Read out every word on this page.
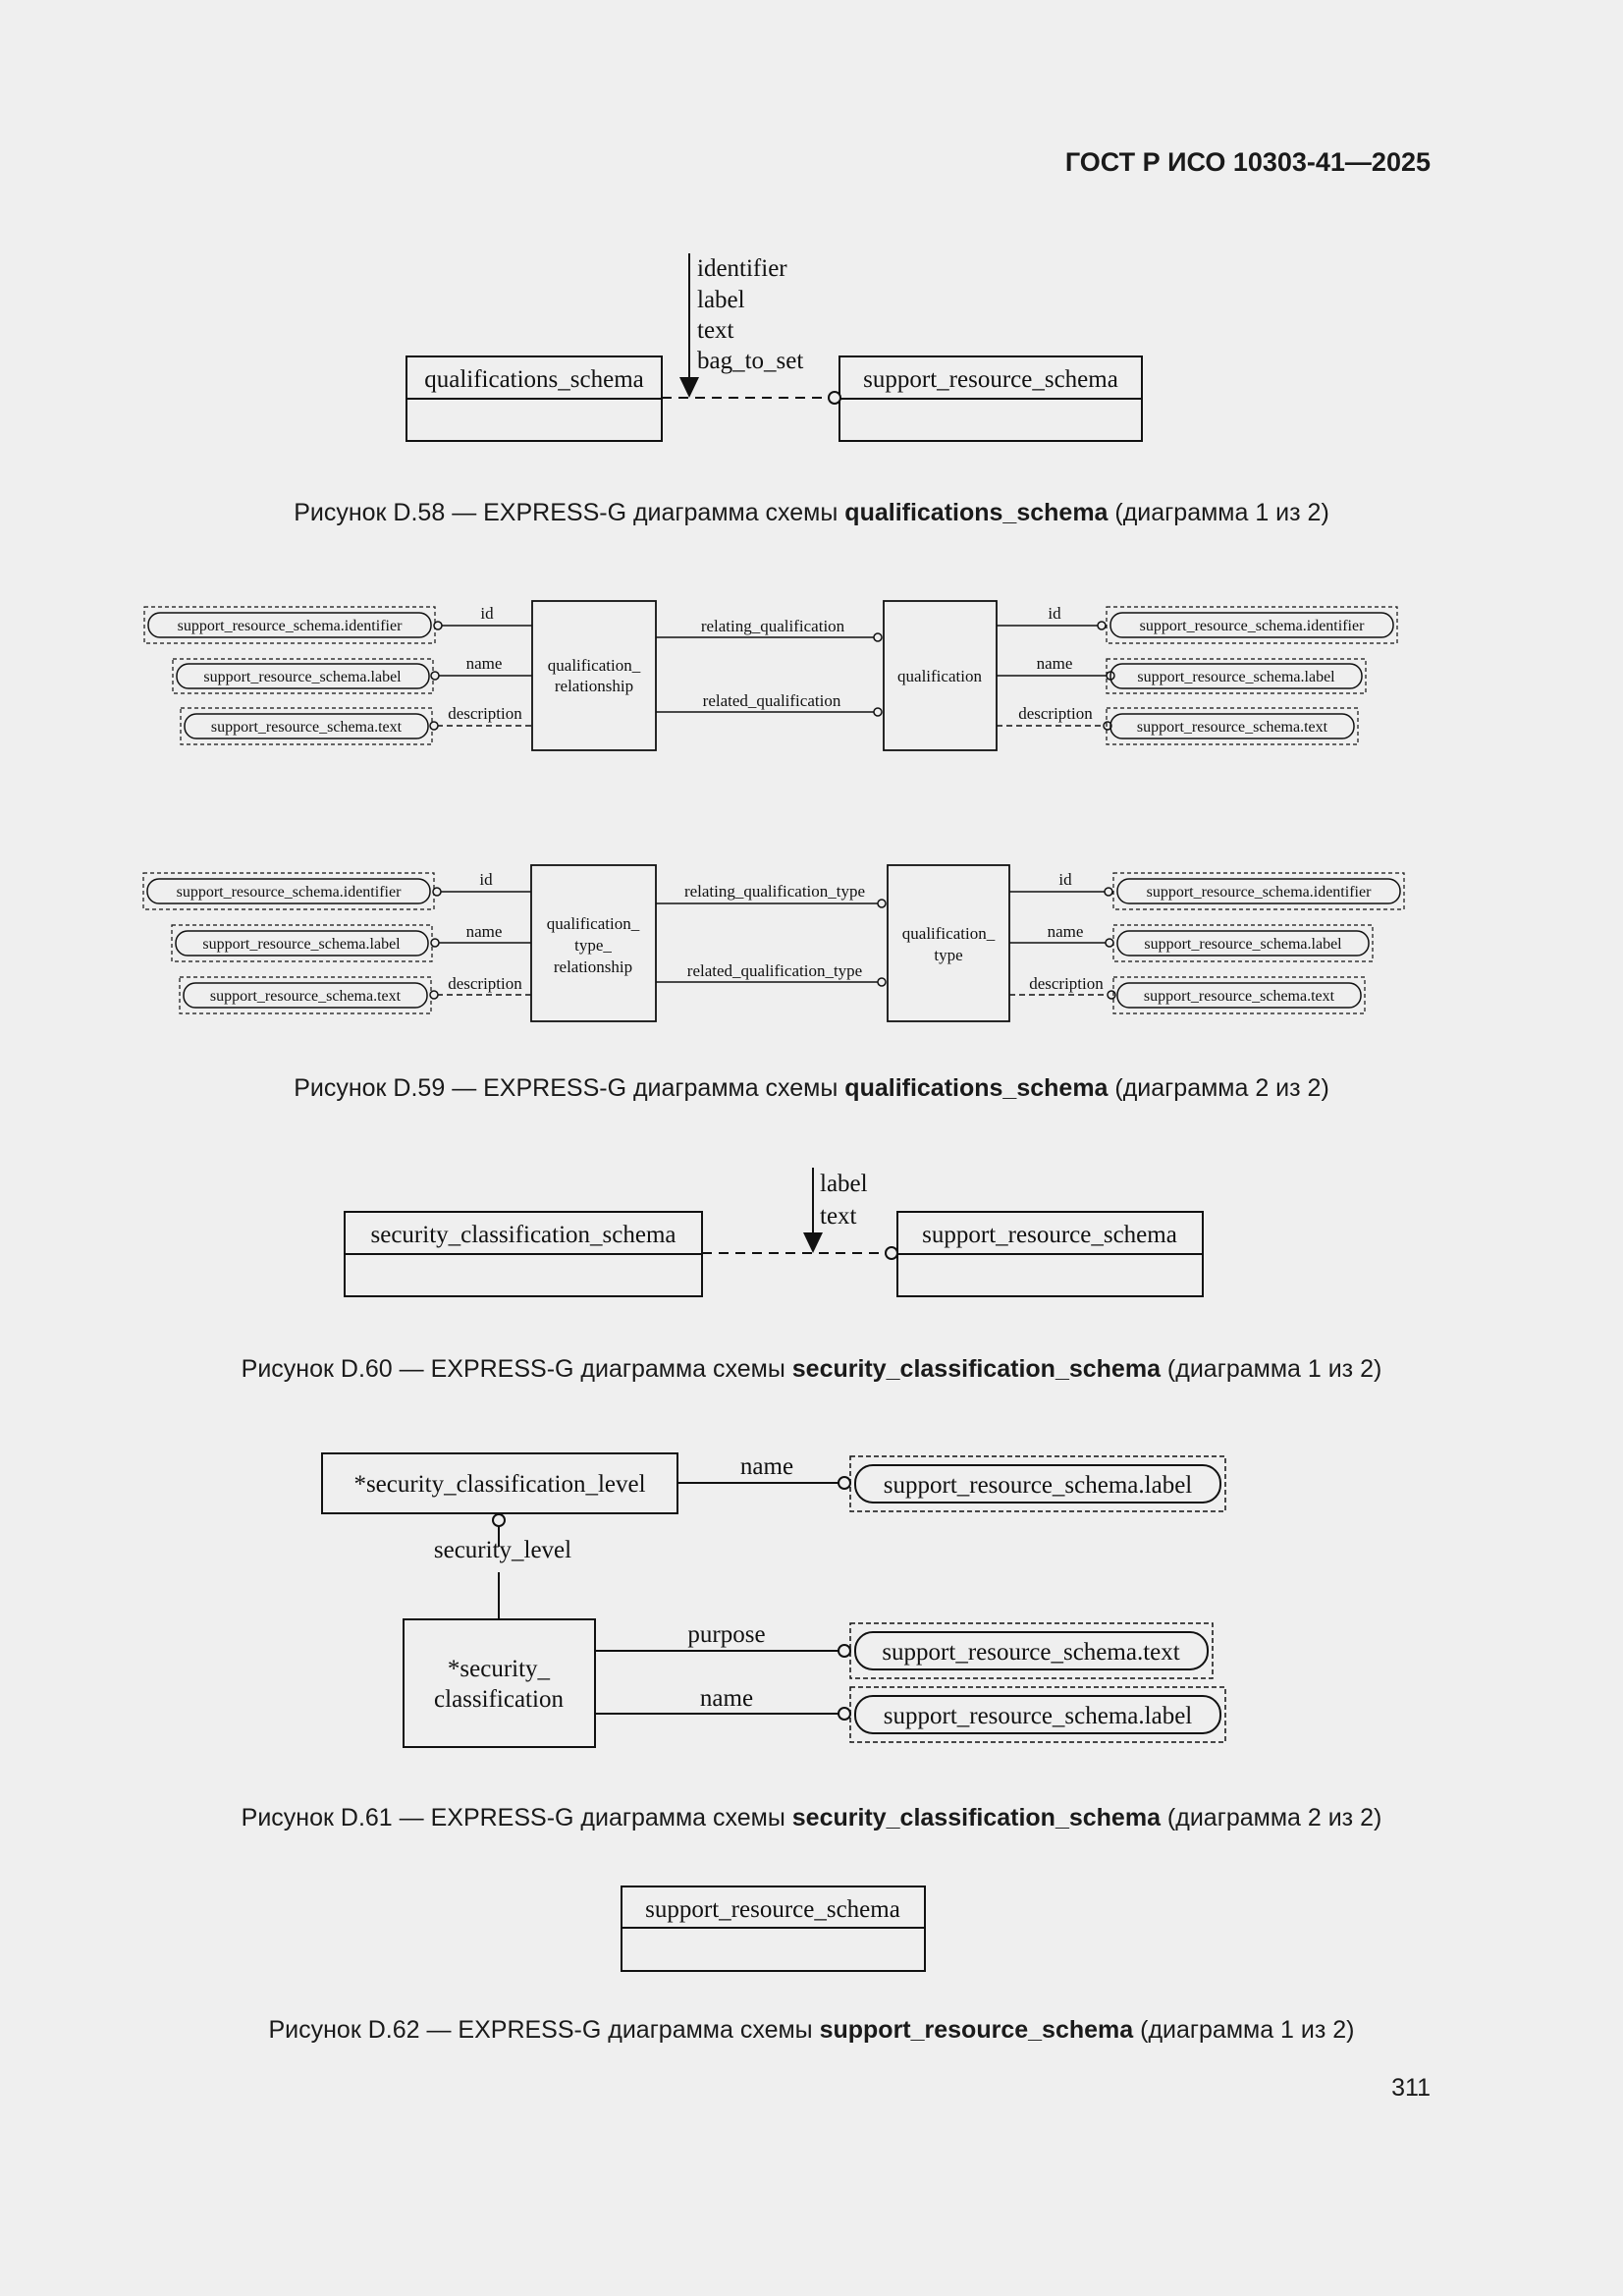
ГОСТ Р ИСО 10303-41—2025
qualifications_schema	support_resource_schema
identifier
label
text
bag_to_set
support_resource_schema.identifier
support_resource_schema.label
support_resource_schema.text
id
name
description
qualification_
relationship
relating_qualification
related_qualification
qualification
id
name
description
support_resource_schema.identifier
support_resource_schema.label
support_resource_schema.text
support_resource_schema.identifier
support_resource_schema.label
support_resource_schema.text
id
name
description
qualification_
type_
relationship
relating_qualification_type
related_qualification_type
qualification_
type
id
name
description
support_resource_schema.identifier
support_resource_schema.label
support_resource_schema.text
security_classification_schema	support_resource_schema
label
text
*security_classification_level
name
support_resource_schema.label
security_level
*security_
classification
purpose
name
support_resource_schema.text
support_resource_schema.label
support_resource_schema
Рисунок D.58 — EXPRESS-G диаграмма схемы qualifications_schema (диаграмма 1 из 2)
Рисунок D.59 — EXPRESS-G диаграмма схемы qualifications_schema (диаграмма 2 из 2)
Рисунок D.60 — EXPRESS-G диаграмма схемы security_classification_schema (диаграмма 1 из 2)
Рисунок D.61 — EXPRESS-G диаграмма схемы security_classification_schema (диаграмма 2 из 2)
Рисунок D.62 — EXPRESS-G диаграмма схемы support_resource_schema (диаграмма 1 из 2)
311
